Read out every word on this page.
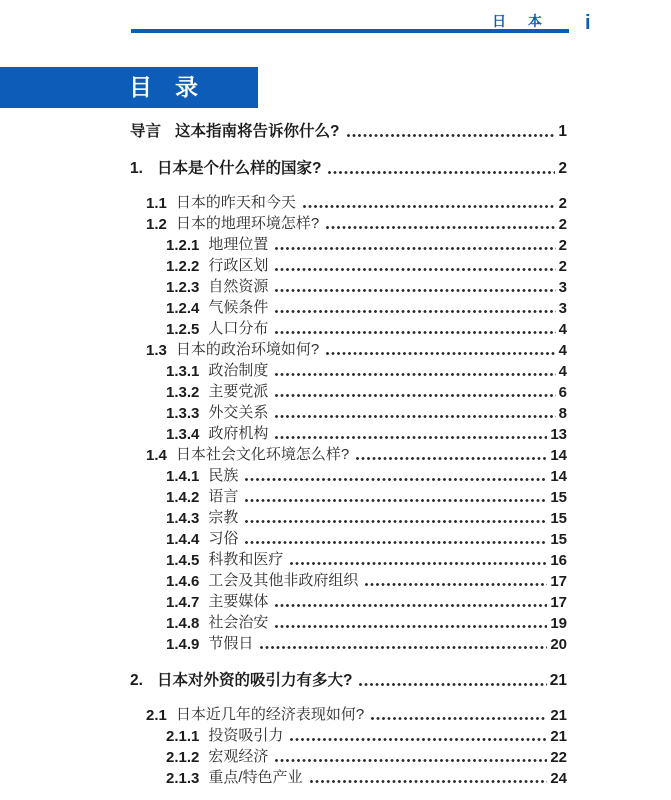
日 本 i
目　录
导言 这本指南将告诉你什么?	1
1. 日本是个什么样的国家?	2
1.1 日本的昨天和今天	2
1.2 日本的地理环境怎样?	2
1.2.1 地理位置	2
1.2.2 行政区划	2
1.2.3 自然资源	3
1.2.4 气候条件	3
1.2.5 人口分布	4
1.3 日本的政治环境如何?	4
1.3.1 政治制度	4
1.3.2 主要党派	6
1.3.3 外交关系	8
1.3.4 政府机构	13
1.4 日本社会文化环境怎么样?	14
1.4.1 民族	14
1.4.2 语言	15
1.4.3 宗教	15
1.4.4 习俗	15
1.4.5 科教和医疗	16
1.4.6 工会及其他非政府组织	17
1.4.7 主要媒体	17
1.4.8 社会治安	19
1.4.9 节假日	20
2. 日本对外资的吸引力有多大?	21
2.1 日本近几年的经济表现如何?	21
2.1.1 投资吸引力	21
2.1.2 宏观经济	22
2.1.3 重点/特色产业	24
